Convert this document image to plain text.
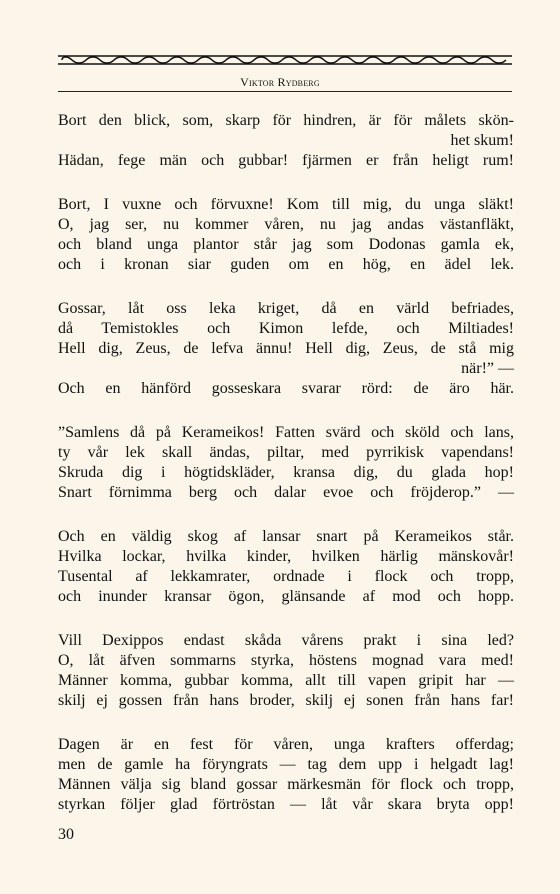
Viktor Rydberg
Bort den blick, som, skarp för hindren, är för målets skön-
het skum!
Hädan, fege män och gubbar! fjärmen er från heligt rum!
Bort, I vuxne och förvuxne! Kom till mig, du unga släkt!
O, jag ser, nu kommer våren, nu jag andas västanfläkt,
och bland unga plantor står jag som Dodonas gamla ek,
och i kronan siar guden om en hög, en ädel lek.
Gossar, låt oss leka kriget, då en värld befriades,
då Temistokles och Kimon lefde, och Miltiades!
Hell dig, Zeus, de lefva ännu! Hell dig, Zeus, de stå mig
när!” —
Och en hänförd gosseskara svarar rörd: de äro här.
”Samlens då på Kerameikos! Fatten svärd och sköld och lans,
ty vår lek skall ändas, piltar, med pyrrikisk vapendans!
Skruda dig i högtidskläder, kransa dig, du glada hop!
Snart förnimma berg och dalar evoe och fröjderop.” —
Och en väldig skog af lansar snart på Kerameikos står.
Hvilka lockar, hvilka kinder, hvilken härlig mänskovår!
Tusental af lekkamrater, ordnade i flock och tropp,
och inunder kransar ögon, glänsande af mod och hopp.
Vill Dexippos endast skåda vårens prakt i sina led?
O, låt äfven sommarns styrka, höstens mognad vara med!
Männer komma, gubbar komma, allt till vapen gripit har —
skilj ej gossen från hans broder, skilj ej sonen från hans far!
Dagen är en fest för våren, unga krafters offerdag;
men de gamle ha föryngrats — tag dem upp i helgadt lag!
Männen välja sig bland gossar märkesmän för flock och tropp,
styrkan följer glad förtröstan — låt vår skara bryta opp!
30
